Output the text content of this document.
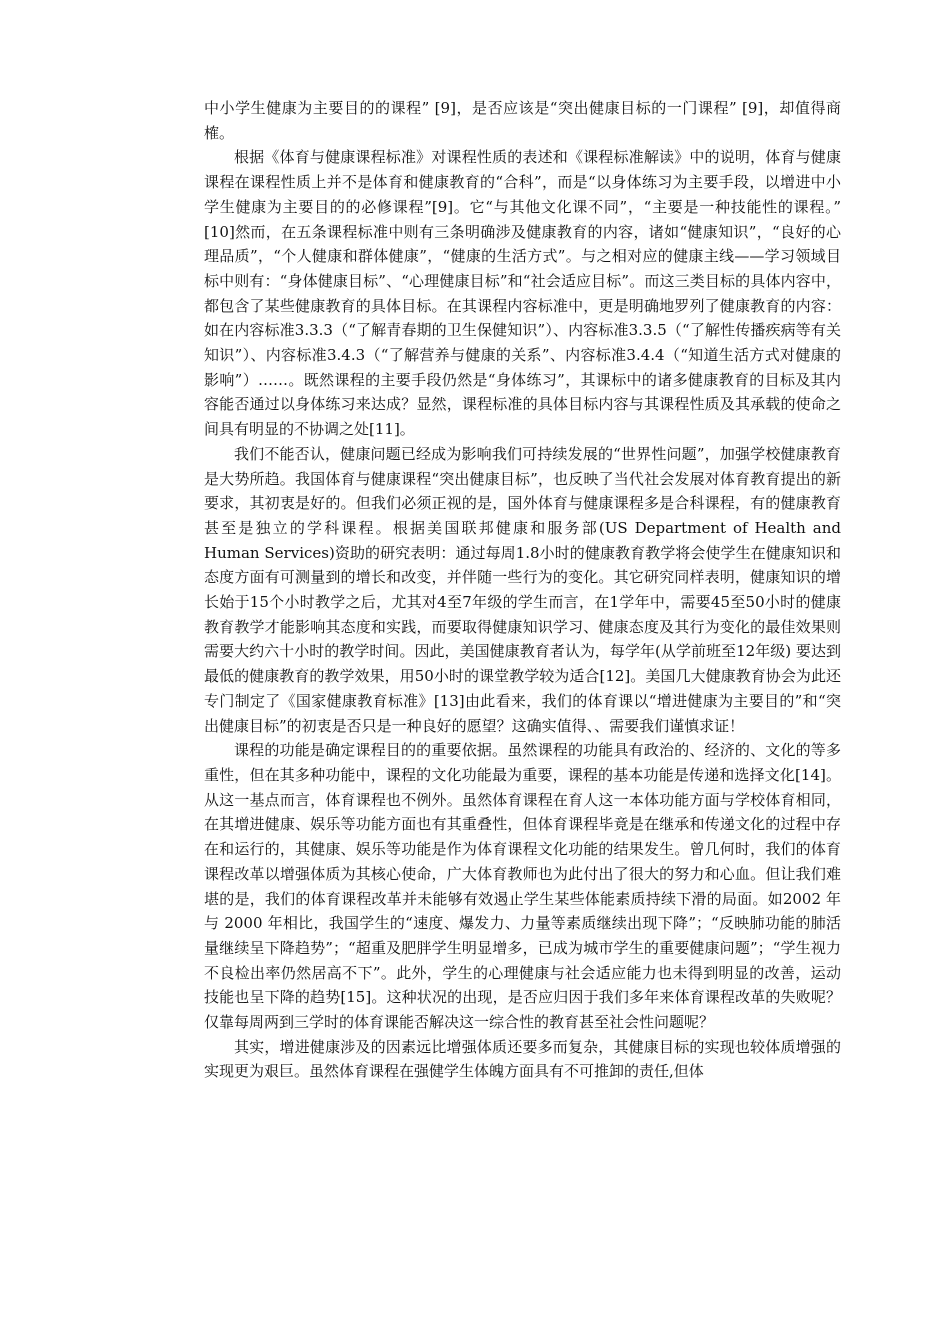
中小学生健康为主要目的的课程” [9]，是否应该是“突出健康目标的一门课程” [9]，却值得商榷。

根据《体育与健康课程标准》对课程性质的表述和《课程标准解读》中的说明，体育与健康课程在课程性质上并不是体育和健康教育的“合科”，而是“以身体练习为主要手段，以增进中小学生健康为主要目的的必修课程”[9]。它“与其他文化课不同”，“主要是一种技能性的课程。” [10]然而，在五条课程标准中则有三条明确涉及健康教育的内容，诸如“健康知识”，“良好的心理品质”，“个人健康和群体健康”，“健康的生活方式”。与之相对应的健康主线——学习领域目标中则有：“身体健康目标”、“心理健康目标”和“社会适应目标”。而这三类目标的具体内容中，都包含了某些健康教育的具体目标。在其课程内容标准中，更是明确地罗列了健康教育的内容：如在内容标准3.3.3（“了解青春期的卫生保健知识”）、内容标准3.3.5（“了解性传播疾病等有关知识”）、内容标准3.4.3（“了解营养与健康的关系”、内容标准3.4.4（“知道生活方式对健康的影响”）……。既然课程的主要手段仍然是“身体练习”，其课标中的诸多健康教育的目标及其内容能否通过以身体练习来达成？显然，课程标准的具体目标内容与其课程性质及其承载的使命之间具有明显的不协调之处[11]。

我们不能否认，健康问题已经成为影响我们可持续发展的“世界性问题”，加强学校健康教育是大势所趋。我国体育与健康课程“突出健康目标”，也反映了当代社会发展对体育教育提出的新要求，其初衷是好的。但我们必须正视的是，国外体育与健康课程多是合科课程，有的健康教育甚至是独立的学科课程。根据美国联邦健康和服务部(US Department of Health and Human Services)资助的研究表明：通过每周1.8小时的健康教育教学将会使学生在健康知识和态度方面有可测量到的增长和改变，并伴随一些行为的变化。其它研究同样表明，健康知识的增长始于15个小时教学之后，尤其对4至7年级的学生而言，在1学年中，需要45至50小时的健康教育教学才能影响其态度和实践，而要取得健康知识学习、健康态度及其行为变化的最佳效果则需要大约六十小时的教学时间。因此，美国健康教育者认为，每学年(从学前班至12年级) 要达到最低的健康教育的教学效果，用50小时的课堂教学较为适合[12]。美国几大健康教育协会为此还专门制定了《国家健康教育标准》[13]由此看来，我们的体育课以“增进健康为主要目的”和“突出健康目标”的初衷是否只是一种良好的愿望？这确实值得、、需要我们谨慎求证！

课程的功能是确定课程目的的重要依据。虽然课程的功能具有政治的、经济的、文化的等多重性，但在其多种功能中，课程的文化功能最为重要，课程的基本功能是传递和选择文化[14]。从这一基点而言，体育课程也不例外。虽然体育课程在育人这一本体功能方面与学校体育相同，在其增进健康、娱乐等功能方面也有其重叠性，但体育课程毕竟是在继承和传递文化的过程中存在和运行的，其健康、娱乐等功能是作为体育课程文化功能的结果发生。曾几何时，我们的体育课程改革以增强体质为其核心使命，广大体育教师也为此付出了很大的努力和心血。但让我们难堪的是，我们的体育课程改革并未能够有效遏止学生某些体能素质持续下滑的局面。如2002 年与 2000 年相比，我国学生的“速度、爆发力、力量等素质继续出现下降”；“反映肺功能的肺活量继续呈下降趋势”；“超重及肥胖学生明显增多，已成为城市学生的重要健康问题”；“学生视力不良检出率仍然居高不下”。此外，学生的心理健康与社会适应能力也未得到明显的改善，运动技能也呈下降的趋势[15]。这种状况的出现，是否应归因于我们多年来体育课程改革的失败呢？仅靠每周两到三学时的体育课能否解决这一综合性的教育甚至社会性问题呢？

其实，增进健康涉及的因素远比增强体质还要多而复杂，其健康目标的实现也较体质增强的实现更为艰巨。虽然体育课程在强健学生体魄方面具有不可推卸的责任,但体
